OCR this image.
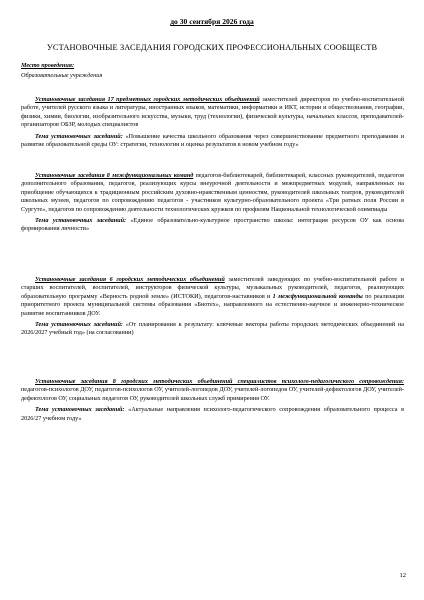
до 30 сентября 2026 года
УСТАНОВОЧНЫЕ ЗАСЕДАНИЯ ГОРОДСКИХ ПРОФЕССИОНАЛЬНЫХ СООБЩЕСТВ
Место проведения:
Образовательные учреждения

Установочные заседания 17 предметных городских методических объединений заместителей директоров по учебно-воспитательной работе, учителей русского языка и литературы, иностранных языков, математики, информатики и ИКТ, истории и обществознания, географии, физики, химии, биологии, изобразительного искусства, музыки, труд (технологии), физической культуры, начальных классов, преподавателей-организаторов ОБЗР, молодых специалистов

Тема установочных заседаний: «Повышение качества школьного образования через совершенствование предметного преподавания и развитие образовательной среды ОУ: стратегии, технологии и оценка результатов в новом учебном году»

Установочные заседания 8 межфункциональных команд педагогов-библиотекарей, библиотекарей, классных руководителей, педагогов дополнительного образования, педагогов, реализующих курсы внеурочной деятельности и межпредметных модулей, направленных на приобщение обучающихся к традиционным российским духовно-нравственным ценностям, руководителей школьных театров, руководителей школьных музеев, педагогов по сопровождению педагогов - участников культурно-образовательного проекта «Три ратных поля России в Сургуте», педагогов по сопровождению деятельности технологических кружков по профилям Национальной технологической олимпиады

Тема установочных заседаний: «Единое образовательно-культурное пространство школы: интеграция ресурсов ОУ как основа формирования личности»

Установочные заседания 6 городских методических объединений заместителей заведующих по учебно-воспитательной работе и старших воспитателей, воспитателей, инструкторов физической культуры, музыкальных руководителей, педагогов, реализующих образовательную программу «Верность родной земле» (ИСТОКИ), педагогов-наставников и 1 межфункциональной команды по реализации приоритетного проекта муниципальной системы образования «Биотех», направленного на естественно-научное и инженерно-техническое развитие воспитанников ДОУ.

Тема установочных заседаний: «От планирования к результату: ключевые векторы работы городских методических объединений на 2026/2027 учебный год» (на согласовании)

Установочные заседания 8 городских методических объединений специалистов психолого-педагогического сопровождения: педагогов-психологов ДОУ, педагогов-психологов ОУ, учителей-логопедов ДОУ, учителей-логопедов ОУ, учителей-дефектологов ДОУ, учителей-дефектологов ОУ, социальных педагогов ОУ, руководителей школьных служб примирения ОУ.

Тема установочных заседаний: «Актуальные направления психолого-педагогического сопровождения образовательного процесса в 2026/27 учебном году»

12
